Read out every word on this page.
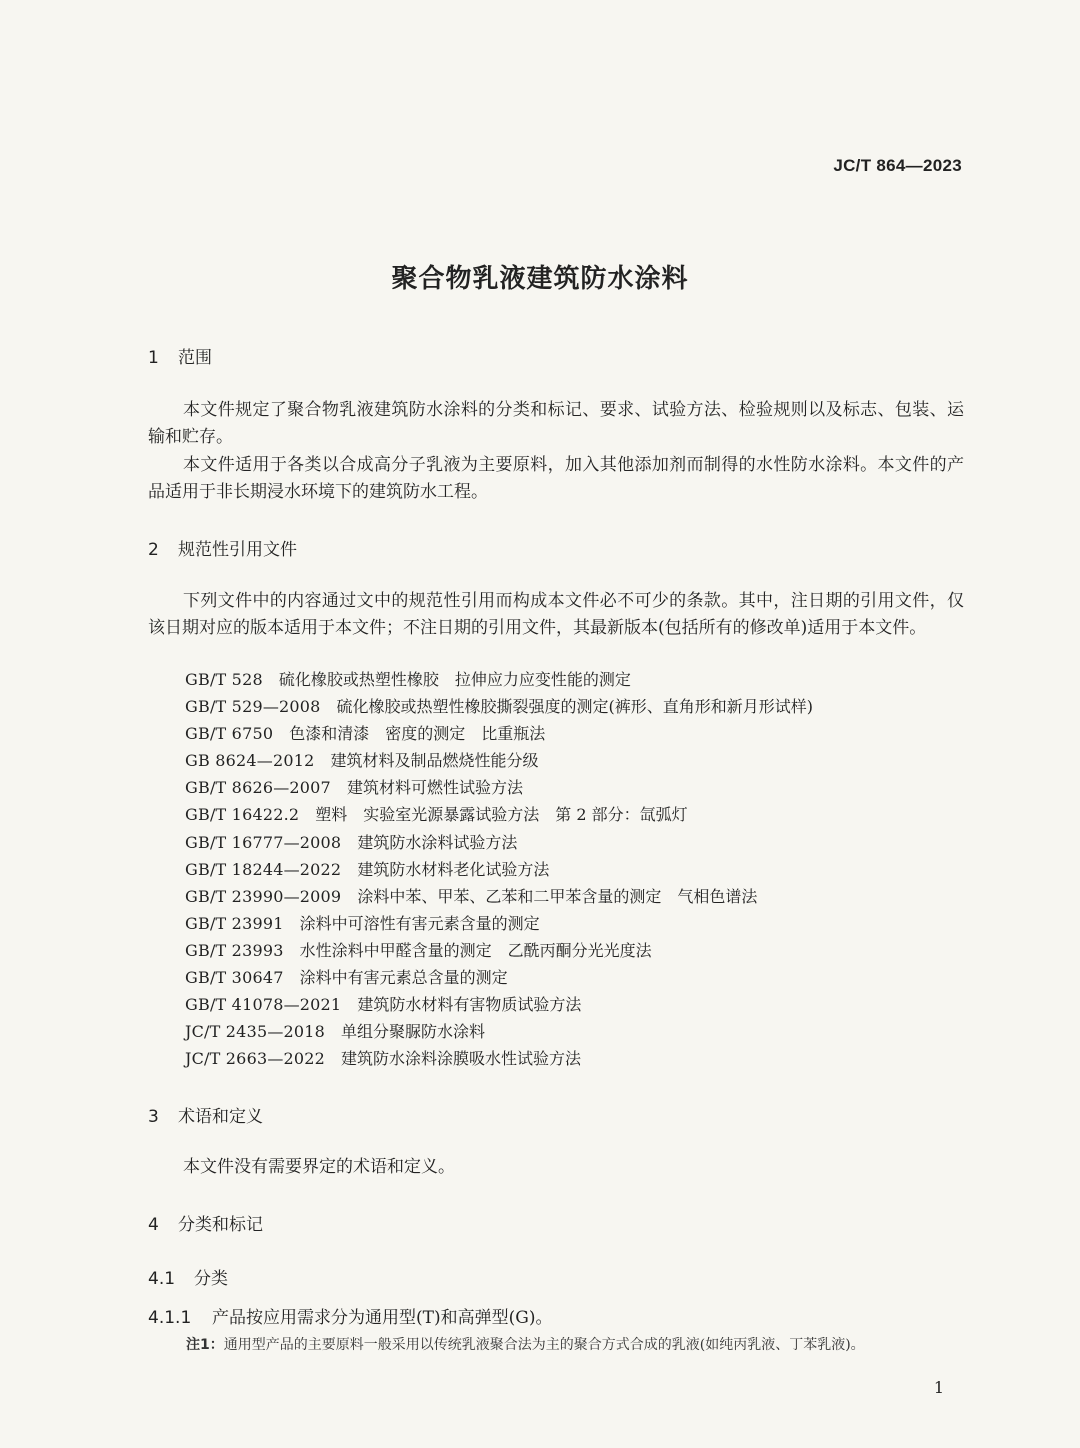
JC/T 864—2023
聚合物乳液建筑防水涂料
1 范围
本文件规定了聚合物乳液建筑防水涂料的分类和标记、要求、试验方法、检验规则以及标志、包装、运输和贮存。
本文件适用于各类以合成高分子乳液为主要原料，加入其他添加剂而制得的水性防水涂料。本文件的产品适用于非长期浸水环境下的建筑防水工程。
2 规范性引用文件
下列文件中的内容通过文中的规范性引用而构成本文件必不可少的条款。其中，注日期的引用文件，仅该日期对应的版本适用于本文件；不注日期的引用文件，其最新版本(包括所有的修改单)适用于本文件。
GB/T 528 硫化橡胶或热塑性橡胶　拉伸应力应变性能的测定
GB/T 529—2008 硫化橡胶或热塑性橡胶撕裂强度的测定(裤形、直角形和新月形试样)
GB/T 6750 色漆和清漆　密度的测定　比重瓶法
GB 8624—2012 建筑材料及制品燃烧性能分级
GB/T 8626—2007 建筑材料可燃性试验方法
GB/T 16422.2 塑料　实验室光源暴露试验方法　第 2 部分：氙弧灯
GB/T 16777—2008 建筑防水涂料试验方法
GB/T 18244—2022 建筑防水材料老化试验方法
GB/T 23990—2009 涂料中苯、甲苯、乙苯和二甲苯含量的测定　气相色谱法
GB/T 23991 涂料中可溶性有害元素含量的测定
GB/T 23993 水性涂料中甲醛含量的测定　乙酰丙酮分光光度法
GB/T 30647 涂料中有害元素总含量的测定
GB/T 41078—2021 建筑防水材料有害物质试验方法
JC/T 2435—2018 单组分聚脲防水涂料
JC/T 2663—2022 建筑防水涂料涂膜吸水性试验方法
3 术语和定义
本文件没有需要界定的术语和定义。
4 分类和标记
4.1 分类
4.1.1 产品按应用需求分为通用型(T)和高弹型(G)。
注1：通用型产品的主要原料一般采用以传统乳液聚合法为主的聚合方式合成的乳液(如纯丙乳液、丁苯乳液)。
1
